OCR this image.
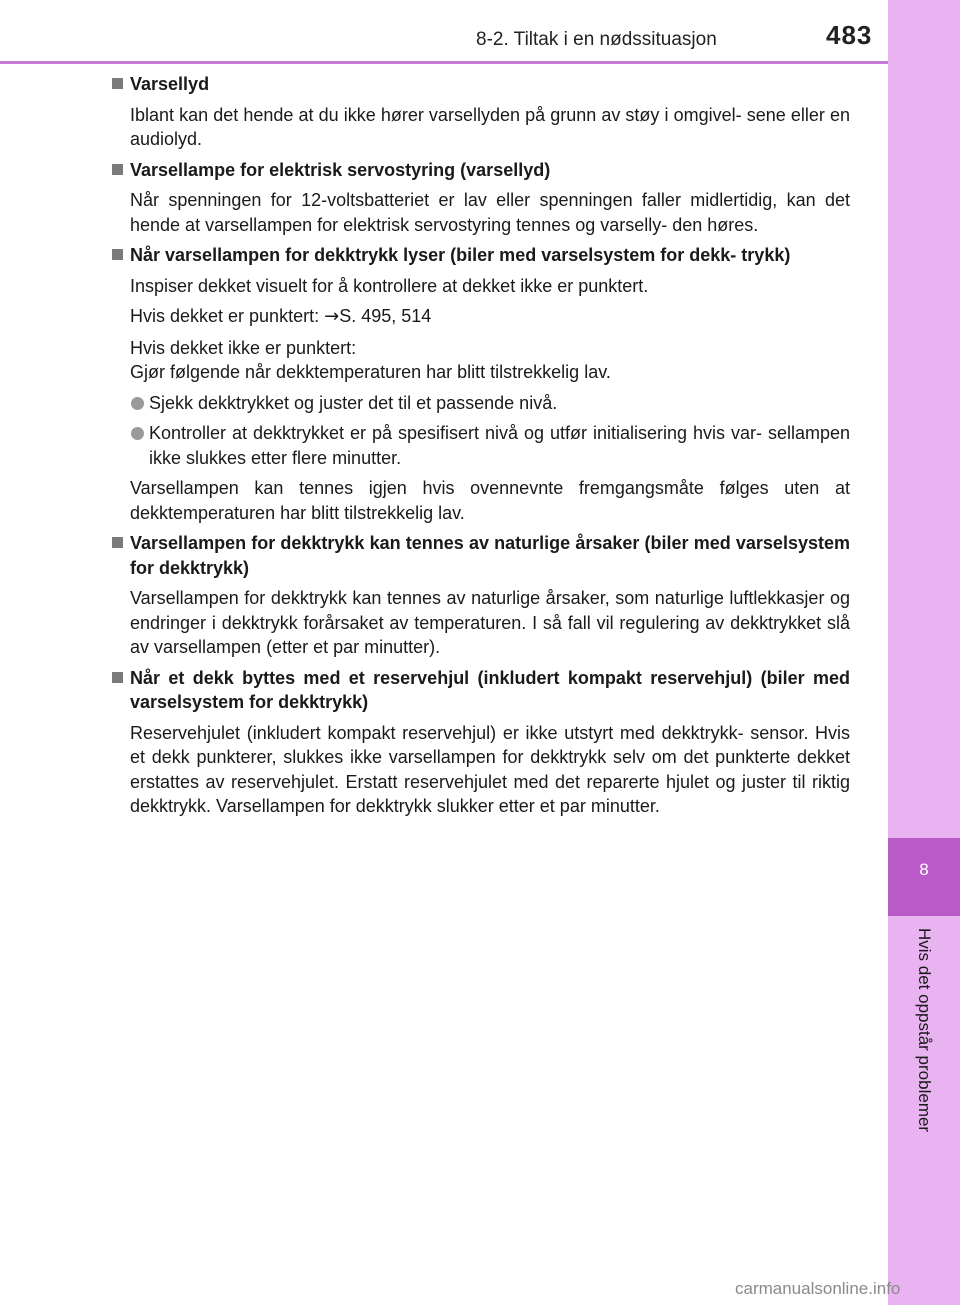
8-2. Tiltak i en nødssituasjon	483
8
Hvis det oppstår problemer
Varsellyd
Iblant kan det hende at du ikke hører varsellyden på grunn av støy i omgivel- sene eller en audiolyd.
Varsellampe for elektrisk servostyring (varsellyd)
Når spenningen for 12-voltsbatteriet er lav eller spenningen faller midlertidig, kan det hende at varsellampen for elektrisk servostyring tennes og varselly- den høres.
Når varsellampen for dekktrykk lyser (biler med varselsystem for dekk- trykk)
Inspiser dekket visuelt for å kontrollere at dekket ikke er punktert.
Hvis dekket er punktert: →S. 495, 514
Hvis dekket ikke er punktert:
Gjør følgende når dekktemperaturen har blitt tilstrekkelig lav.
Sjekk dekktrykket og juster det til et passende nivå.
Kontroller at dekktrykket er på spesifisert nivå og utfør initialisering hvis var- sellampen ikke slukkes etter flere minutter.
Varsellampen kan tennes igjen hvis ovennevnte fremgangsmåte følges uten at dekktemperaturen har blitt tilstrekkelig lav.
Varsellampen for dekktrykk kan tennes av naturlige årsaker (biler med varselsystem for dekktrykk)
Varsellampen for dekktrykk kan tennes av naturlige årsaker, som naturlige luftlekkasjer og endringer i dekktrykk forårsaket av temperaturen. I så fall vil regulering av dekktrykket slå av varsellampen (etter et par minutter).
Når et dekk byttes med et reservehjul (inkludert kompakt reservehjul) (biler med varselsystem for dekktrykk)
Reservehjulet (inkludert kompakt reservehjul) er ikke utstyrt med dekktrykk- sensor. Hvis et dekk punkterer, slukkes ikke varsellampen for dekktrykk selv om det punkterte dekket erstattes av reservehjulet. Erstatt reservehjulet med det reparerte hjulet og juster til riktig dekktrykk. Varsellampen for dekktrykk slukker etter et par minutter.
carmanualsonline.info
